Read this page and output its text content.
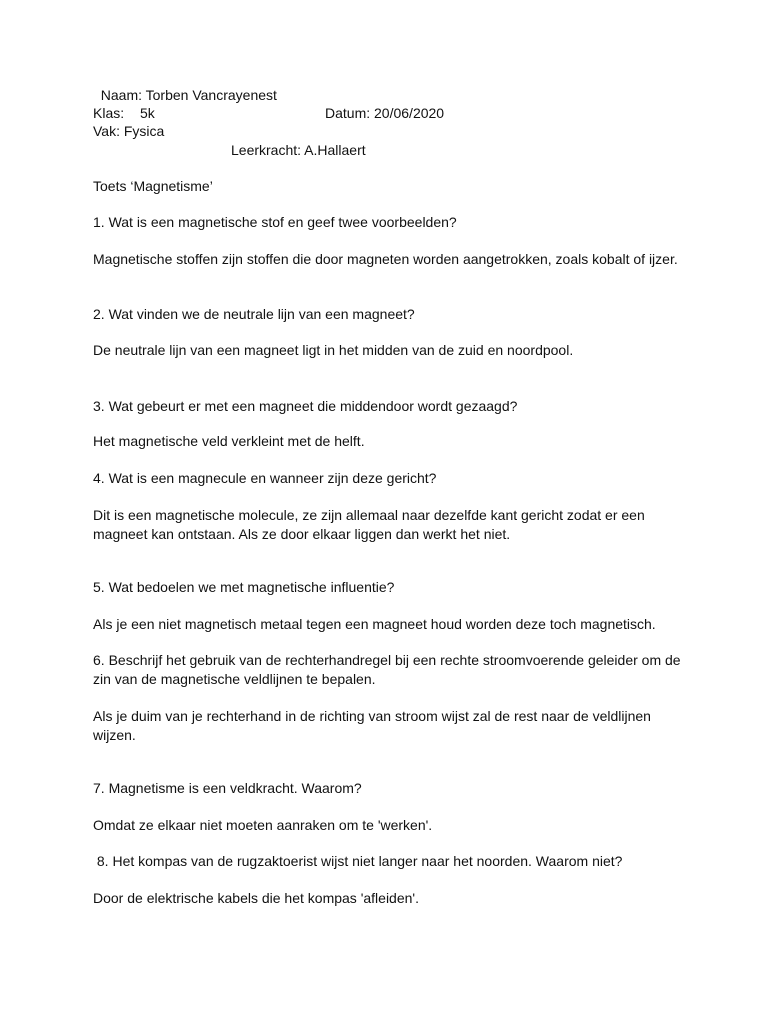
Naam: Torben Vancrayenest
Klas: 5k	Datum: 20/06/2020
Vak: Fysica
Leerkracht: A.Hallaert
Toets ‘Magnetisme’
1. Wat is een magnetische stof en geef twee voorbeelden?
Magnetische stoffen zijn stoffen die door magneten worden aangetrokken, zoals kobalt of ijzer.
2. Wat vinden we de neutrale lijn van een magneet?
De neutrale lijn van een magneet ligt in het midden van de zuid en noordpool.
3. Wat gebeurt er met een magneet die middendoor wordt gezaagd?
Het magnetische veld verkleint met de helft.
4. Wat is een magnecule en wanneer zijn deze gericht?
Dit is een magnetische molecule, ze zijn allemaal naar dezelfde kant gericht zodat er een magneet kan ontstaan. Als ze door elkaar liggen dan werkt het niet.
5. Wat bedoelen we met magnetische influentie?
Als je een niet magnetisch metaal tegen een magneet houd worden deze toch magnetisch.
6. Beschrijf het gebruik van de rechterhandregel bij een rechte stroomvoerende geleider om de zin van de magnetische veldlijnen te bepalen.
Als je duim van je rechterhand in de richting van stroom wijst zal de rest naar de veldlijnen wijzen.
7. Magnetisme is een veldkracht. Waarom?
Omdat ze elkaar niet moeten aanraken om te 'werken'.
8. Het kompas van de rugzaktoerist wijst niet langer naar het noorden. Waarom niet?
Door de elektrische kabels die het kompas 'afleiden'.
